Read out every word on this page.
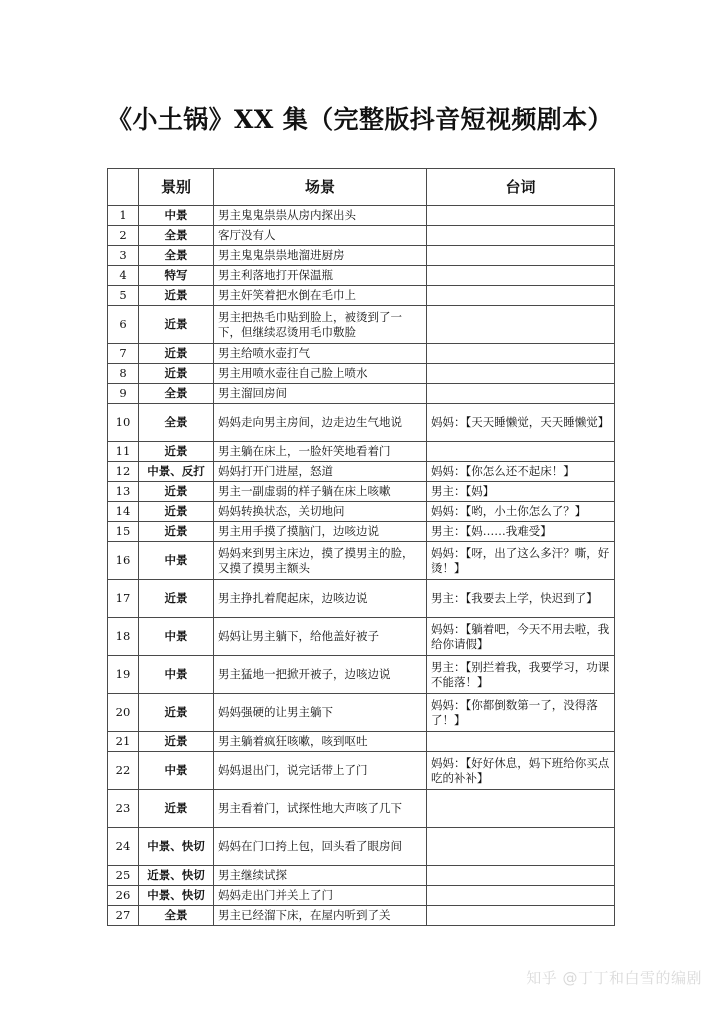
《小土锅》XX 集（完整版抖音短视频剧本）
	景别	场景	台词
1	中景	男主鬼鬼祟祟从房内探出头	
2	全景	客厅没有人	
3	全景	男主鬼鬼祟祟地溜进厨房	
4	特写	男主利落地打开保温瓶	
5	近景	男主奸笑着把水倒在毛巾上	
6	近景	男主把热毛巾贴到脸上，被烫到了一下，但继续忍烫用毛巾敷脸	
7	近景	男主给喷水壶打气	
8	近景	男主用喷水壶往自己脸上喷水	
9	全景	男主溜回房间	
10	全景	妈妈走向男主房间，边走边生气地说	妈妈：【天天睡懒觉，天天睡懒觉】
11	近景	男主躺在床上，一脸奸笑地看着门	
12	中景、反打	妈妈打开门进屋，怒道	妈妈：【你怎么还不起床！】
13	近景	男主一副虚弱的样子躺在床上咳嗽	男主：【妈】
14	近景	妈妈转换状态，关切地问	妈妈：【哟，小土你怎么了？】
15	近景	男主用手摸了摸脑门，边咳边说	男主：【妈……我难受】
16	中景	妈妈来到男主床边，摸了摸男主的脸，又摸了摸男主额头	妈妈：【呀，出了这么多汗？嘶，好烫！】
17	近景	男主挣扎着爬起床，边咳边说	男主：【我要去上学，快迟到了】
18	中景	妈妈让男主躺下，给他盖好被子	妈妈：【躺着吧，今天不用去啦，我给你请假】
19	中景	男主猛地一把掀开被子，边咳边说	男主：【别拦着我，我要学习，功课不能落！】
20	近景	妈妈强硬的让男主躺下	妈妈：【你都倒数第一了，没得落了！】
21	近景	男主躺着疯狂咳嗽，咳到呕吐	
22	中景	妈妈退出门，说完话带上了门	妈妈：【好好休息，妈下班给你买点吃的补补】
23	近景	男主看着门，试探性地大声咳了几下	
24	中景、快切	妈妈在门口挎上包，回头看了眼房间	
25	近景、快切	男主继续试探	
26	中景、快切	妈妈走出门并关上了门	
27	全景	男主已经溜下床，在屋内听到了关	
知乎 @丁丁和白雪的编剧
